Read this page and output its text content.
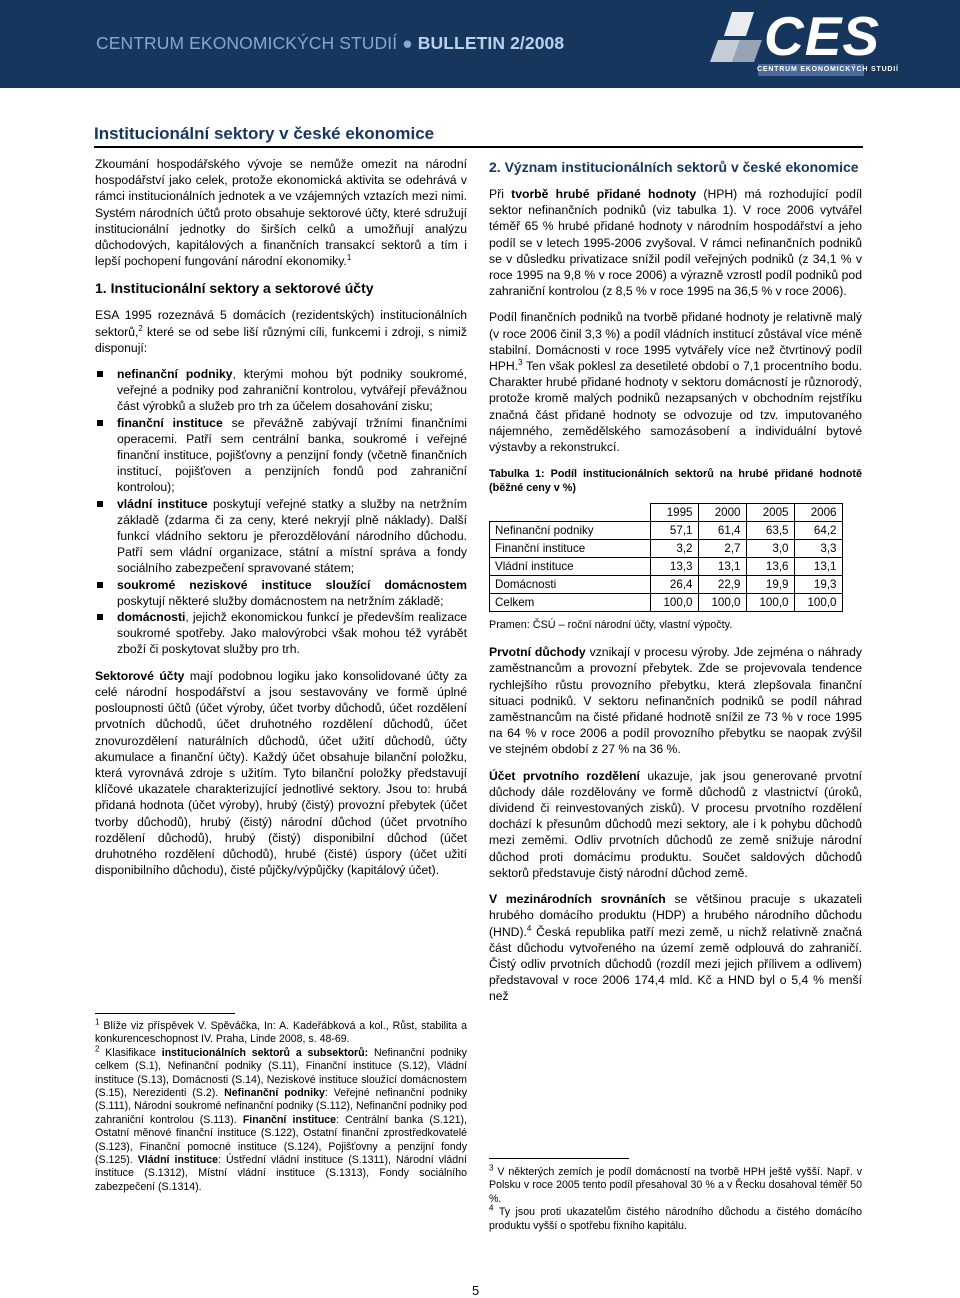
CENTRUM EKONOMICKÝCH STUDIÍ ● BULLETIN 2/2008	CES
CENTRUM EKONOMICKÝCH STUDIÍ
Institucionální sektory v české ekonomice

Zkoumání hospodářského vývoje se nemůže omezit na národní hospodářství jako celek, protože ekonomická aktivita se odehrává v rámci institucionálních jednotek a ve vzájemných vztazích mezi nimi. Systém národních účtů proto obsahuje sektorové účty, které sdružují institucionální jednotky do širších celků a umožňují analýzu důchodových, kapitálových a finančních transakcí sektorů a tím i lepší pochopení fungování národní ekonomiky.$^1$

1. Institucionální sektory a sektorové účty

ESA 1995 rozeznává 5 domácích (rezidentských) institucionálních sektorů,$^2$ které se od sebe liší různými cíli, funkcemi i zdroji, s nimiž disponují:

nefinanční podniky, kterými mohou být podniky soukromé, veřejné a podniky pod zahraniční kontrolou, vytvářejí převážnou část výrobků a služeb pro trh za účelem dosahování zisku;
finanční instituce se převážně zabývají tržními finančními operacemi. Patří sem centrální banka, soukromé i veřejné finanční instituce, pojišťovny a penzijní fondy (včetně finančních institucí, pojišťoven a penzijních fondů pod zahraniční kontrolou);
vládní instituce poskytují veřejné statky a služby na netržním základě (zdarma či za ceny, které nekryjí plně náklady). Další funkcí vládního sektoru je přerozdělování národního důchodu. Patří sem vládní organizace, státní a místní správa a fondy sociálního zabezpečení spravované státem;
soukromé neziskové instituce sloužící domácnostem poskytují některé služby domácnostem na netržním základě;
domácnosti, jejichž ekonomickou funkcí je především realizace soukromé spotřeby. Jako malovýrobci však mohou též vyrábět zboží či poskytovat služby pro trh.

Sektorové účty mají podobnou logiku jako konsolidované účty za celé národní hospodářství a jsou sestavovány ve formě úplné posloupnosti účtů (účet výroby, účet tvorby důchodů, účet rozdělení prvotních důchodů, účet druhotného rozdělení důchodů, účet znovurozdělení naturálních důchodů, účet užití důchodů, účty akumulace a finanční účty). Každý účet obsahuje bilanční položku, která vyrovnává zdroje s užitím. Tyto bilanční položky představují klíčové ukazatele charakterizující jednotlivé sektory. Jsou to: hrubá přidaná hodnota (účet výroby), hrubý (čistý) provozní přebytek (účet tvorby důchodů), hrubý (čistý) národní důchod (účet prvotního rozdělení důchodů), hrubý (čistý) disponibilní důchod (účet druhotného rozdělení důchodů), hrubé (čisté) úspory (účet užití disponibilního důchodu), čisté půjčky/výpůjčky (kapitálový účet).

$^1$ Blíže viz příspěvek V. Spěváčka, In: A. Kadeřábková a kol., Růst, stabilita a konkurenceschopnost IV. Praha, Linde 2008, s. 48-69.

$^2$ Klasifikace institucionálních sektorů a subsektorů: Nefinanční podniky celkem (S.1), Nefinanční podniky (S.11), Finanční instituce (S.12), Vládní instituce (S.13), Domácnosti (S.14), Neziskové instituce sloužící domácnostem (S.15), Nerezidenti (S.2). Nefinanční podniky: Veřejné nefinanční podniky (S.111), Národní soukromé nefinanční podniky (S.112), Nefinanční podniky pod zahraniční kontrolou (S.113). Finanční instituce: Centrální banka (S.121), Ostatní měnové finanční instituce (S.122), Ostatní finanční zprostředkovatelé (S.123), Finanční pomocné instituce (S.124), Pojišťovny a penzijní fondy (S.125). Vládní instituce: Ústřední vládní instituce (S.1311), Národní vládní instituce (S.1312), Místní vládní instituce (S.1313), Fondy sociálního zabezpečení (S.1314).

2. Význam institucionálních sektorů v české ekonomice

Při tvorbě hrubé přidané hodnoty (HPH) má rozhodující podíl sektor nefinančních podniků (viz tabulka 1). V roce 2006 vytvářel téměř 65 % hrubé přidané hodnoty v národním hospodářství a jeho podíl se v letech 1995-2006 zvyšoval. V rámci nefinančních podniků se v důsledku privatizace snížil podíl veřejných podniků (z 34,1 % v roce 1995 na 9,8 % v roce 2006) a výrazně vzrostl podíl podniků pod zahraniční kontrolou (z 8,5 % v roce 1995 na 36,5 % v roce 2006).

Podíl finančních podniků na tvorbě přidané hodnoty je relativně malý (v roce 2006 činil 3,3 %) a podíl vládních institucí zůstával více méně stabilní. Domácnosti v roce 1995 vytvářely více než čtvrtinový podíl HPH.$^3$ Ten však poklesl za desetileté období o 7,1 procentního bodu. Charakter hrubé přidané hodnoty v sektoru domácností je různorodý, protože kromě malých podniků nezapsaných v obchodním rejstříku značná část přidané hodnoty se odvozuje od tzv. imputovaného nájemného, zemědělského samozásobení a individuální bytové výstavby a rekonstrukcí.

Tabulka 1: Podíl institucionálních sektorů na hrubé přidané hodnotě (běžné ceny v %)

	1995	2000	2005	2006
Nefinanční podniky	57,1	61,4	63,5	64,2
Finanční instituce	3,2	2,7	3,0	3,3
Vládní instituce	13,3	13,1	13,6	13,1
Domácnosti	26,4	22,9	19,9	19,3
Celkem	100,0	100,0	100,0	100,0

Pramen: ČSÚ – roční národní účty, vlastní výpočty.

Prvotní důchody vznikají v procesu výroby. Jde zejména o náhrady zaměstnancům a provozní přebytek. Zde se projevovala tendence rychlejšího růstu provozního přebytku, která zlepšovala finanční situaci podniků. V sektoru nefinančních podniků se podíl náhrad zaměstnancům na čisté přidané hodnotě snížil ze 73 % v roce 1995 na 64 % v roce 2006 a podíl provozního přebytku se naopak zvýšil ve stejném období z 27 % na 36 %.

Účet prvotního rozdělení ukazuje, jak jsou generované prvotní důchody dále rozdělovány ve formě důchodů z vlastnictví (úroků, dividend či reinvestovaných zisků). V procesu prvotního rozdělení dochází k přesunům důchodů mezi sektory, ale i k pohybu důchodů mezi zeměmi. Odliv prvotních důchodů ze země snižuje národní důchod proti domácímu produktu. Součet saldových důchodů sektorů představuje čistý národní důchod země.

V mezinárodních srovnáních se většinou pracuje s ukazateli hrubého domácího produktu (HDP) a hrubého národního důchodu (HND).$^4$ Česká republika patří mezi země, u nichž relativně značná část důchodu vytvořeného na území země odplouvá do zahraničí. Čistý odliv prvotních důchodů (rozdíl mezi jejich přílivem a odlivem) představoval v roce 2006 174,4 mld. Kč a HND byl o 5,4 % menší než

$^3$ V některých zemích je podíl domácností na tvorbě HPH ještě vyšší. Např. v Polsku v roce 2005 tento podíl přesahoval 30 % a v Řecku dosahoval téměř 50 %.

$^4$ Ty jsou proti ukazatelům čistého národního důchodu a čistého domácího produktu vyšší o spotřebu fixního kapitálu.

5
